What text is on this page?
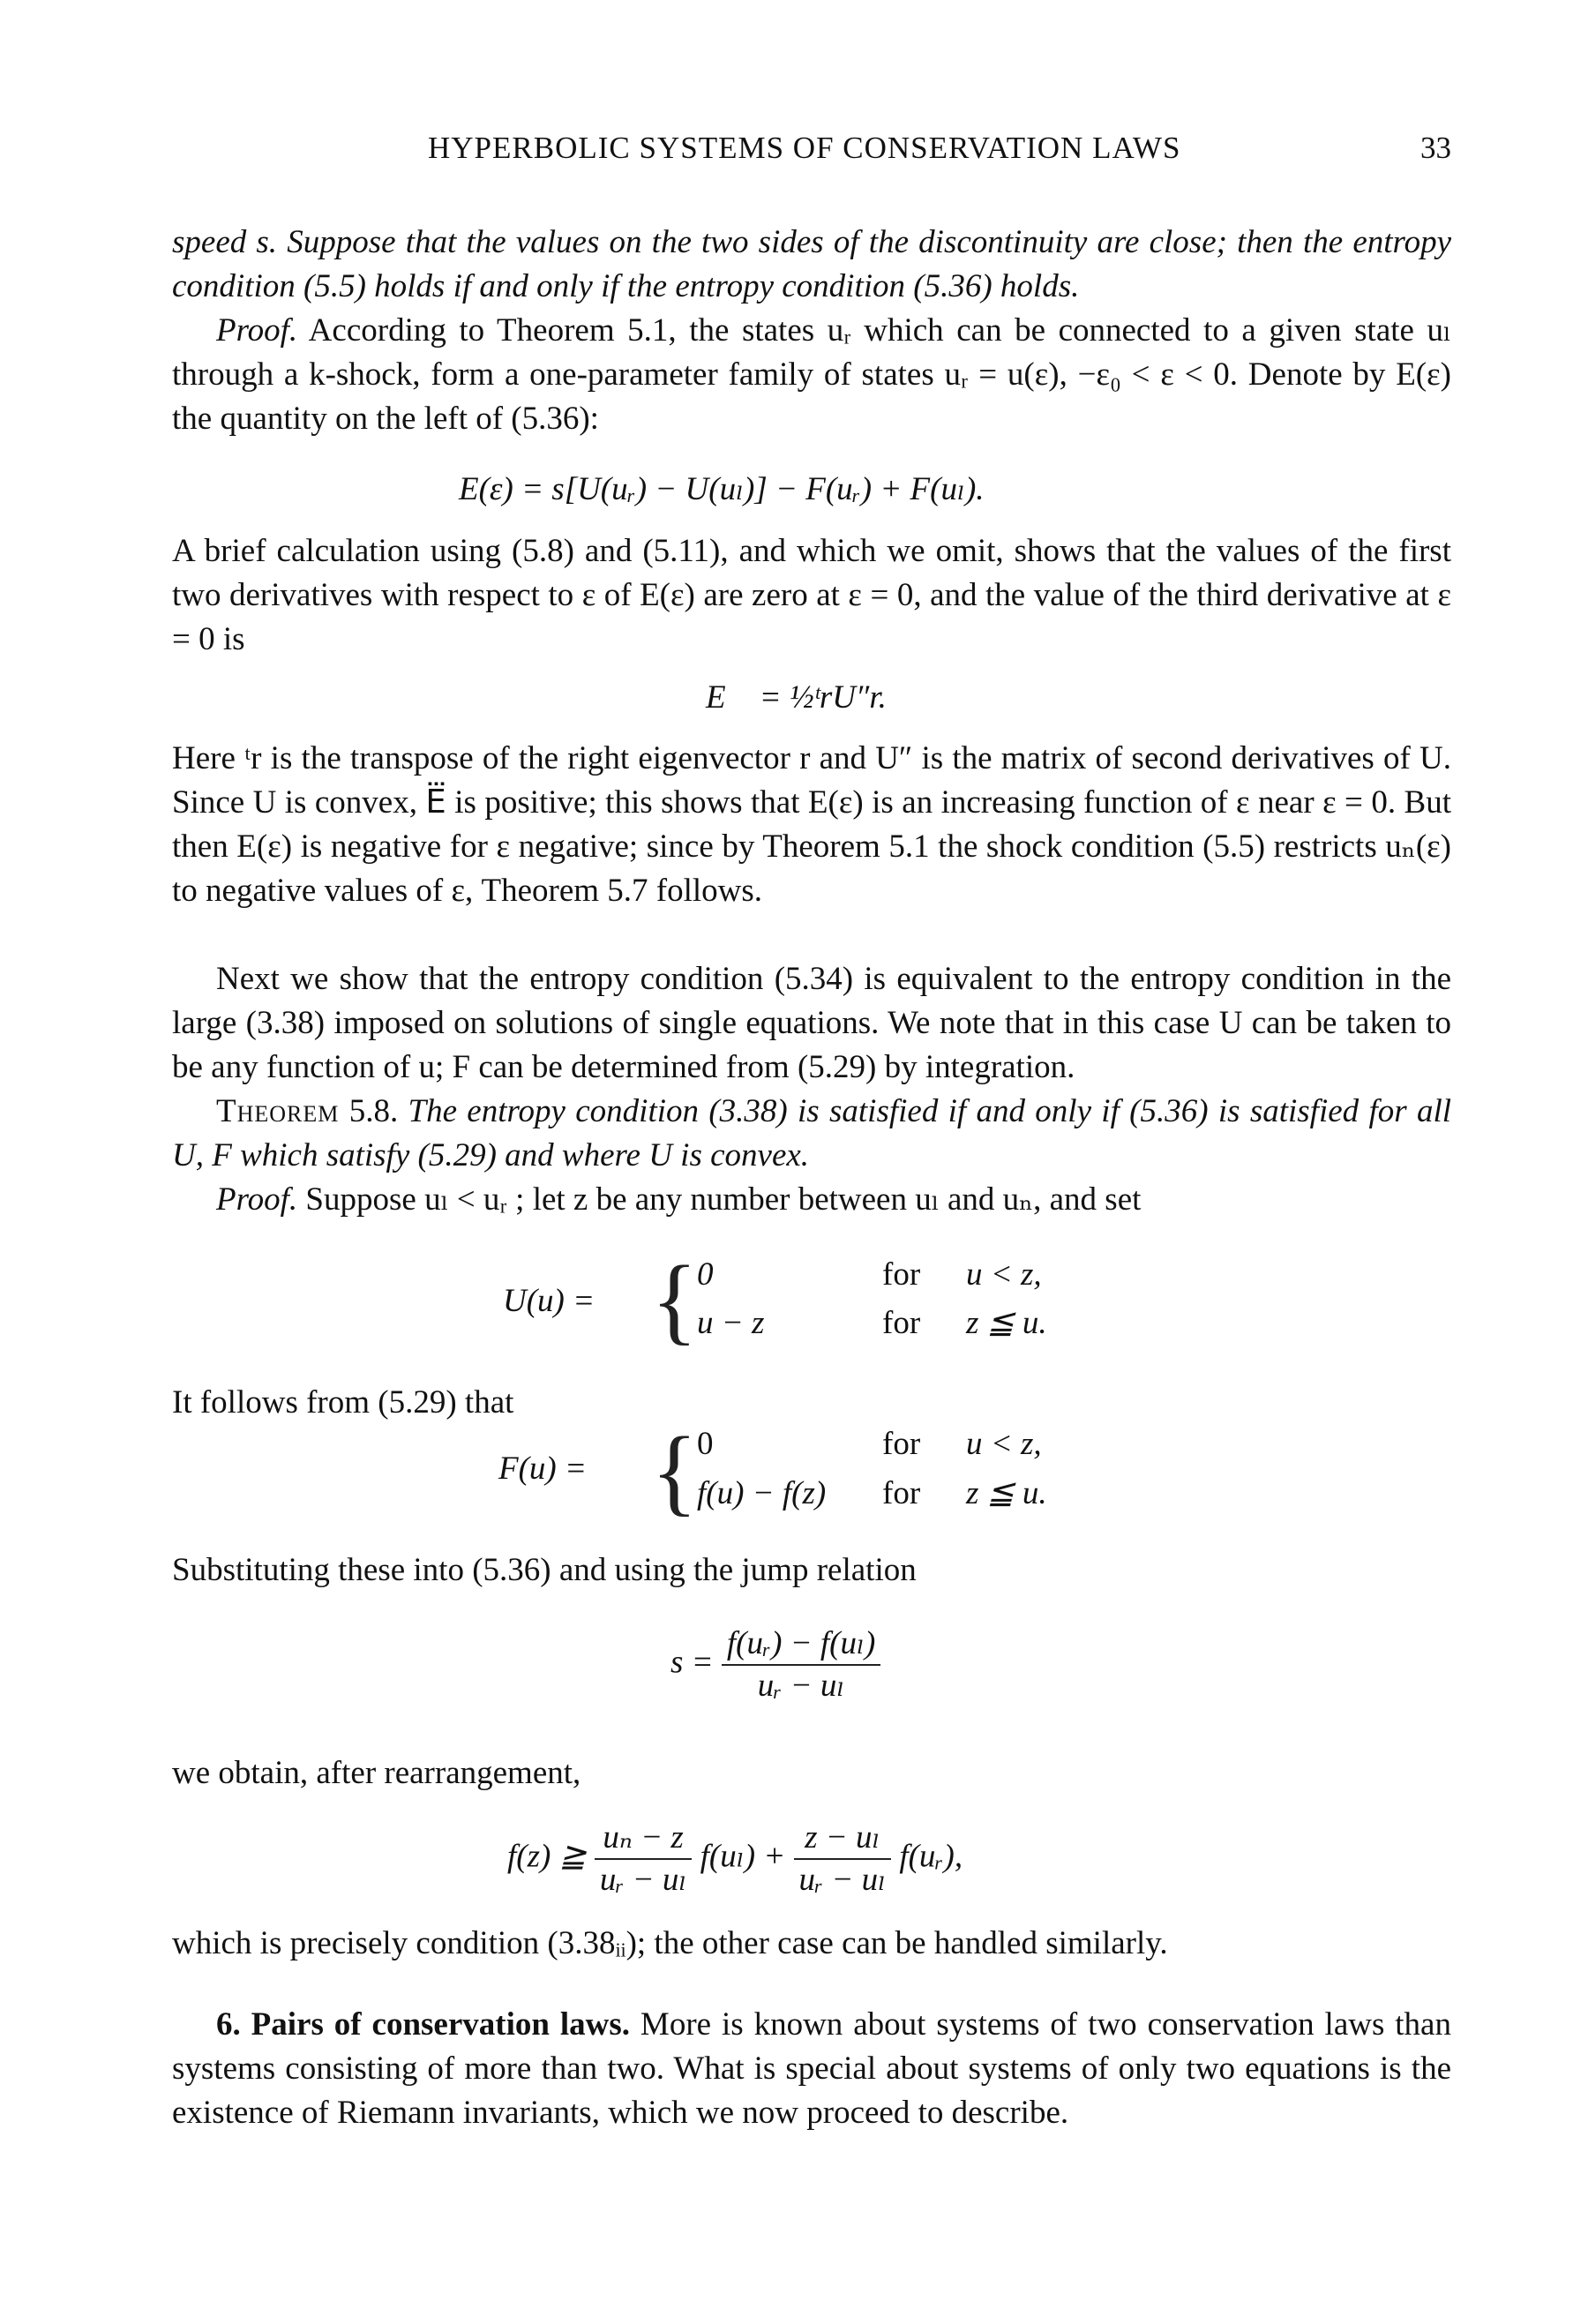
HYPERBOLIC SYSTEMS OF CONSERVATION LAWS	33

speed s. Suppose that the values on the two sides of the discontinuity are close; then the entropy condition (5.5) holds if and only if the entropy condition (5.36) holds.

Proof. According to Theorem 5.1, the states uᵣ which can be connected to a given state uₗ through a k-shock, form a one-parameter family of states uᵣ = u(ε), −ε₀ < ε < 0. Denote by E(ε) the quantity on the left of (5.36):

E(ε) = s[U(uᵣ) − U(uₗ)] − F(uᵣ) + F(uₗ).

A brief calculation using (5.8) and (5.11), and which we omit, shows that the values of the first two derivatives with respect to ε of E(ε) are zero at ε = 0, and the value of the third derivative at ε = 0 is

E⃛ = ½ᵗrU″r.

Here ᵗr is the transpose of the right eigenvector r and U″ is the matrix of second derivatives of U. Since U is convex, E⃛ is positive; this shows that E(ε) is an increasing function of ε near ε = 0. But then E(ε) is negative for ε negative; since by Theorem 5.1 the shock condition (5.5) restricts uₙ(ε) to negative values of ε, Theorem 5.7 follows.

Next we show that the entropy condition (5.34) is equivalent to the entropy condition in the large (3.38) imposed on solutions of single equations. We note that in this case U can be taken to be any function of u; F can be determined from (5.29) by integration.

Theorem 5.8. The entropy condition (3.38) is satisfied if and only if (5.36) is satisfied for all U, F which satisfy (5.29) and where U is convex.

Proof. Suppose uₗ < uᵣ ; let z be any number between uₗ and uₙ, and set

U(u) = { 0	for u < z,
u − z	for z ≦ u.

It follows from (5.29) that

F(u) = { 0	for u < z,
f(u) − f(z) for z ≦ u.

Substituting these into (5.36) and using the jump relation

$s = \frac{\text{f(uᵣ) − f(uₗ)}}{\text{uᵣ − uₗ}}$

we obtain, after rearrangement,

f(z) ≧ $\frac{\text{uₙ − z}}{\text{uᵣ − uₗ}} f(u_l) + \frac{\text{z − uₗ}}{\text{uᵣ − uₗ}}$ f(uᵣ),

which is precisely condition (3.38ᵢᵢ); the other case can be handled similarly.

6. Pairs of conservation laws. More is known about systems of two conservation laws than systems consisting of more than two. What is special about systems of only two equations is the existence of Riemann invariants, which we now proceed to describe.
